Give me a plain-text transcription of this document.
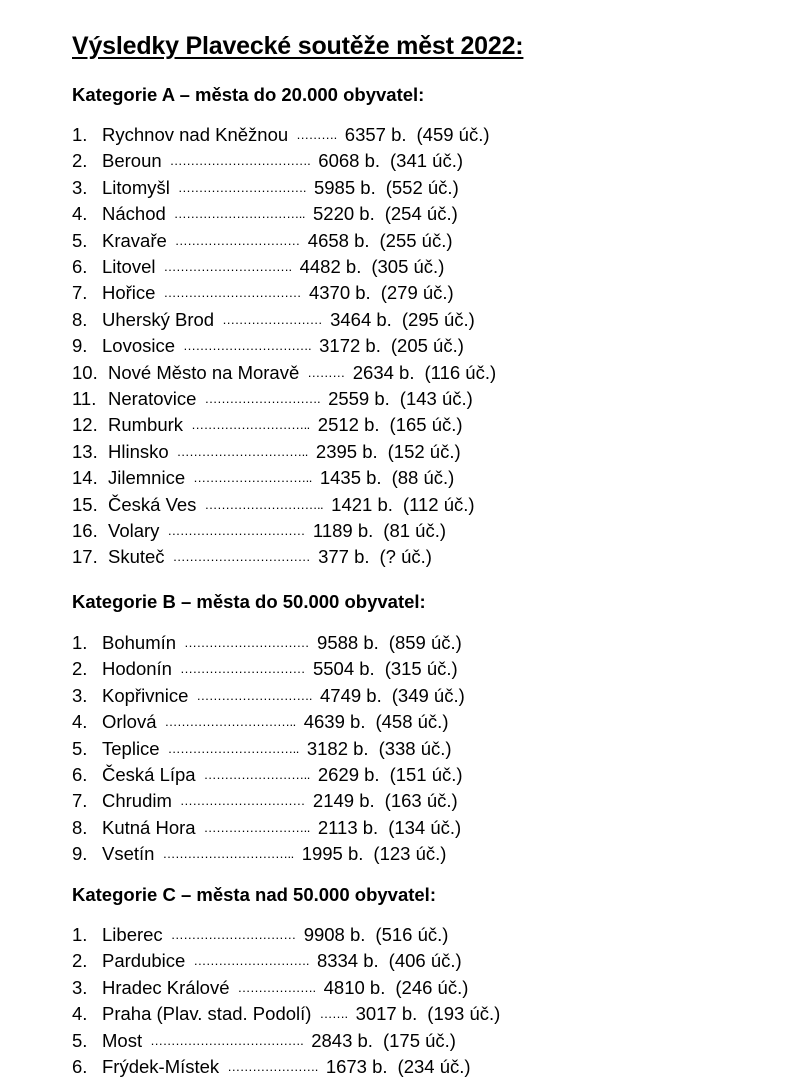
Výsledky Plavecké soutěže měst 2022:
Kategorie A – města do 20.000 obyvatel:
1. Rychnov nad Kněžnou ………. 6357 b. (459 úč.)
2. Beroun ……………………………. 6068 b. (341 úč.)
3. Litomyšl …………………………. 5985 b. (552 úč.)
4. Náchod ………………………….. 5220 b. (254 úč.)
5. Kravaře ………………………… 4658 b. (255 úč.)
6. Litovel …………………………. 4482 b. (305 úč.)
7. Hořice …………………………… 4370 b. (279 úč.)
8. Uherský Brod …………………… 3464 b. (295 úč.)
9. Lovosice …………………………. 3172 b. (205 úč.)
10. Nové Město na Moravě ……… 2634 b. (116 úč.)
11. Neratovice ………………………. 2559 b. (143 úč.)
12. Rumburk ……………………….. 2512 b. (165 úč.)
13. Hlinsko ………………………….. 2395 b. (152 úč.)
14. Jilemnice ……………………….. 1435 b. (88 úč.)
15. Česká Ves ……………………….. 1421 b. (112 úč.)
16. Volary …………………………… 1189 b. (81 úč.)
17. Skuteč …………………………… 377 b. (? úč.)
Kategorie B – města do 50.000 obyvatel:
1. Bohumín ………………………… 9588 b. (859 úč.)
2. Hodonín ………………………… 5504 b. (315 úč.)
3. Kopřivnice ………………………. 4749 b. (349 úč.)
4. Orlová ………………………….. 4639 b. (458 úč.)
5. Teplice ………………………….. 3182 b. (338 úč.)
6. Česká Lípa …………………….. 2629 b. (151 úč.)
7. Chrudim ………………………… 2149 b. (163 úč.)
8. Kutná Hora …………………….. 2113 b. (134 úč.)
9. Vsetín ………………………….. 1995 b. (123 úč.)
Kategorie C – města nad 50.000 obyvatel:
1. Liberec ………………………… 9908 b. (516 úč.)
2. Pardubice ………………………. 8334 b. (406 úč.)
3. Hradec Králové ………………. 4810 b. (246 úč.)
4. Praha (Plav. stad. Podolí) ……. 3017 b. (193 úč.)
5. Most ………………………………. 2843 b. (175 úč.)
6. Frýdek-Místek …………………. 1673 b. (234 úč.)
